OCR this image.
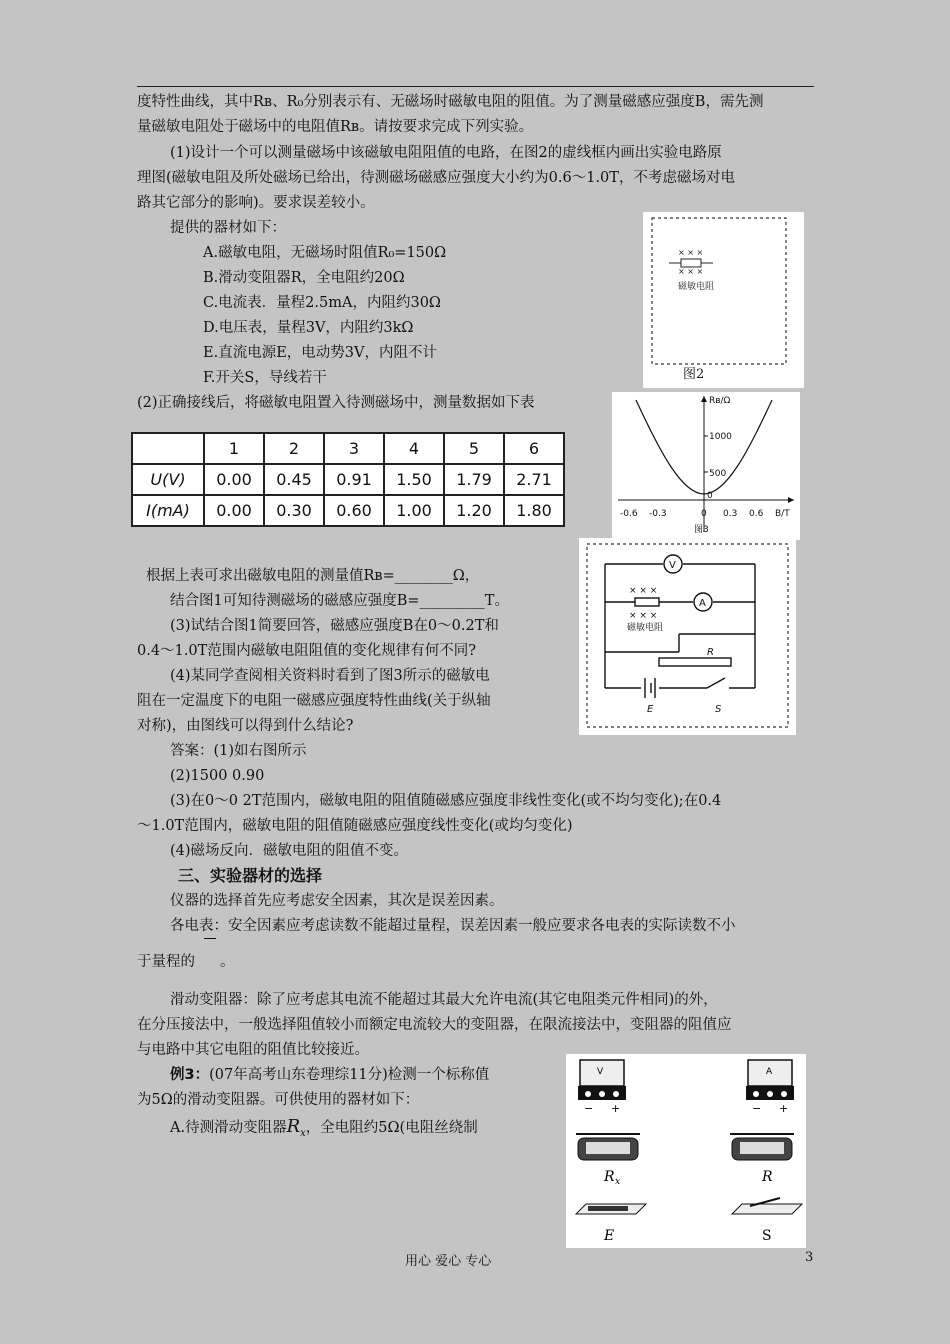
度特性曲线，其中Rʙ、R₀分别表示有、无磁场时磁敏电阻的阻值。为了测量磁感应强度B，需先测
量磁敏电阻处于磁场中的电阻值Rʙ。请按要求完成下列实验。
(1)设计一个可以测量磁场中该磁敏电阻阻值的电路，在图2的虚线框内画出实验电路原
理图(磁敏电阻及所处磁场已给出，待测磁场磁感应强度大小约为0.6～1.0T，不考虑磁场对电
路其它部分的影响)。要求误差较小。
提供的器材如下：
A.磁敏电阻，无磁场时阻值R₀=150Ω
B.滑动变阻器R，全电阻约20Ω
C.电流表．量程2.5mA，内阻约30Ω
D.电压表，量程3V，内阻约3kΩ
E.直流电源E，电动势3V，内阻不计
F.开关S，导线若干
(2)正确接线后，将磁敏电阻置入待测磁场中，测量数据如下表
× × ×
× × ×
磁敏电阻
图2
Rʙ/Ω
1000
500
0
-0.6 -0.3	0 0.3 0.6 B/T
图3
	1	2	3	4	5	6
U(V)	0.00	0.45	0.91	1.50	1.79	2.71
I(mA)	0.00	0.30	0.60	1.00	1.20	1.80
V
A
× × ×
× × ×
磁敏电阻
R
E	S
根据上表可求出磁敏电阻的测量值Rʙ=________Ω，
结合图1可知待测磁场的磁感应强度B=_________T。
(3)试结合图1简要回答，磁感应强度B在0～0.2T和
0.4～1.0T范围内磁敏电阻阻值的变化规律有何不同?
(4)某同学查阅相关资料时看到了图3所示的磁敏电
阻在一定温度下的电阻一磁感应强度特性曲线(关于纵轴
对称)，由图线可以得到什么结论?
答案：(1)如右图所示
(2)1500 0.90
(3)在0～0 2T范围内，磁敏电阻的阻值随磁感应强度非线性变化(或不均匀变化);在0.4
～1.0T范围内，磁敏电阻的阻值随磁感应强度线性变化(或均匀变化)
(4)磁场反向．磁敏电阻的阻值不变。
三、实验器材的选择
仪器的选择首先应考虑安全因素，其次是误差因素。
各电表：安全因素应考虑读数不能超过量程，误差因素一般应要求各电表的实际读数不小
于量程的 。
滑动变阻器：除了应考虑其电流不能超过其最大允许电流(其它电阻类元件相同)的外，
在分压接法中，一般选择阻值较小而额定电流较大的变阻器，在限流接法中，变阻器的阻值应
与电路中其它电阻的阻值比较接近。
例3：(07年高考山东卷理综11分)检测一个标称值
为5Ω的滑动变阻器。可供使用的器材如下：
A.待测滑动变阻器$R_x$，全电阻约5Ω(电阻丝绕制
V
− +
A
− +
R x	R
E	S
用心 爱心 专心	3
